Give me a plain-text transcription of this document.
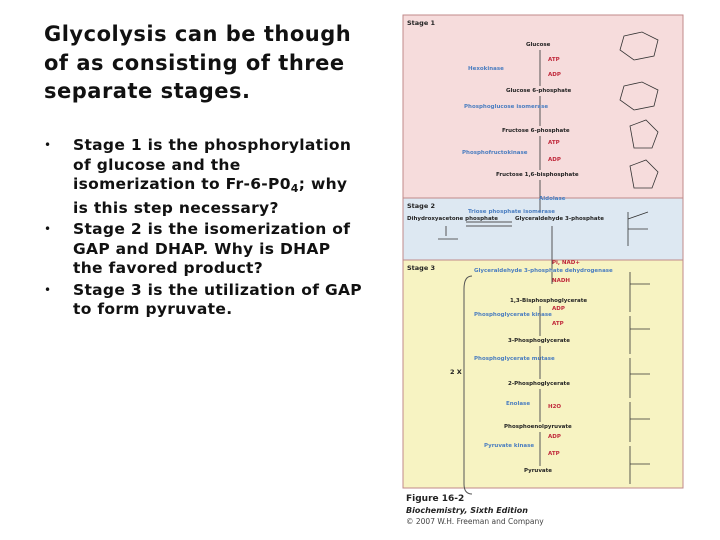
Glycolysis can be though of as consisting of three separate stages.
• Stage 1 is the phosphorylation of glucose and the isomerization to $Fr-6-P0_4$; why is this step necessary?
• Stage 2 is the isomerization of GAP and DHAP. Why is DHAP the favored product?
• Stage 3 is the utilization of GAP to form pyruvate.
Stage 1
Stage 2
Stage 3
Glucose
Glucose 6-phosphate
Fructose 6-phosphate
Fructose 1,6-bisphosphate
Hexokinase
Phosphoglucose isomerase
Phosphofructokinase
Aldolase
ATP
ADP
ATP
ADP
Dihydroxyacetone phosphate	Glyceraldehyde 3-phosphate
Triose phosphate isomerase
1,3-Bisphosphoglycerate
3-Phosphoglycerate
2-Phosphoglycerate
Phosphoenolpyruvate
Pyruvate
Glyceraldehyde 3-phosphate dehydrogenase
Phosphoglycerate kinase
Phosphoglycerate mutase
Enolase
Pyruvate kinase
Pi, NAD+
NADH
ADP
ATP
H2O
ADP
ATP
2 X
Figure 16-2
Biochemistry, Sixth Edition
© 2007 W.H. Freeman and Company
